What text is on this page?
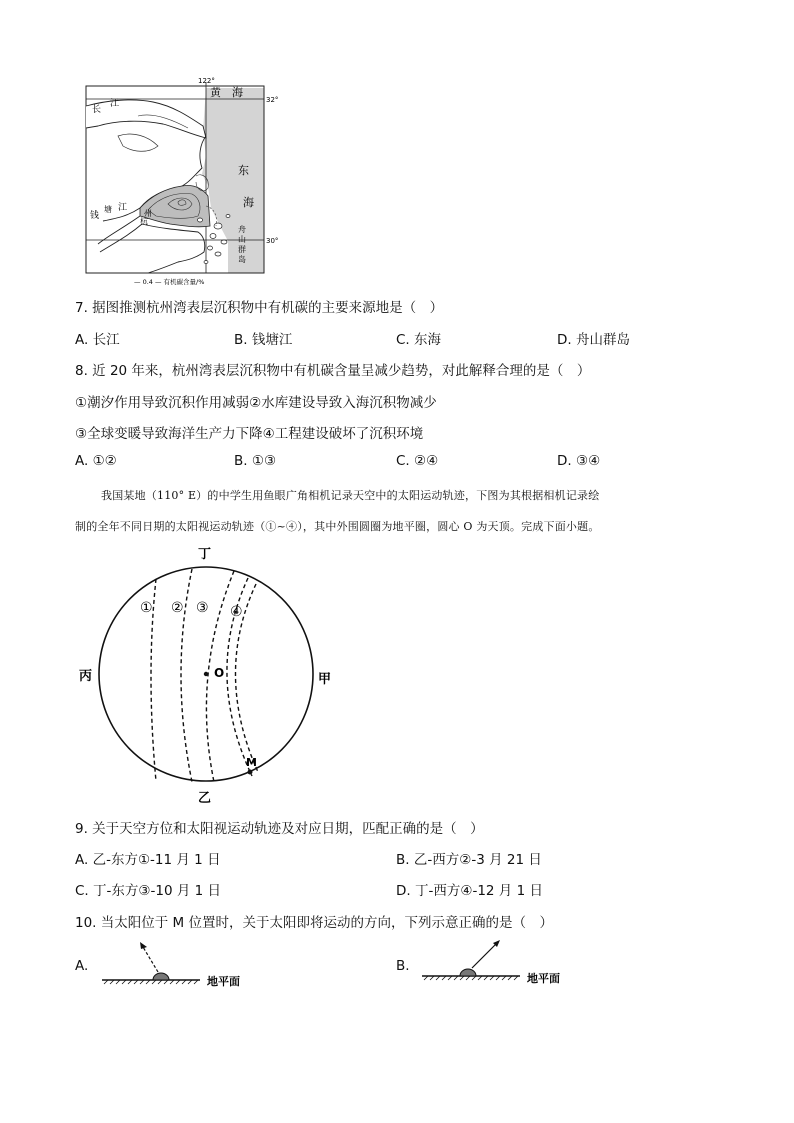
122°
32°
30°
黄　海
东
海
长
江
钱
塘 江
杭
州
舟
山
群
岛
— 0.4 — 有机碳含量/%
7. 据图推测杭州湾表层沉积物中有机碳的主要来源地是（　）
A. 长江	B. 钱塘江	C. 东海	D. 舟山群岛
8. 近 20 年来，杭州湾表层沉积物中有机碳含量呈减少趋势，对此解释合理的是（　）
①潮汐作用导致沉积作用减弱②水库建设导致入海沉积物减少
③全球变暖导致海洋生产力下降④工程建设破坏了沉积环境
A. ①②	B. ①③	C. ②④	D. ③④
我国某地（110° E）的中学生用鱼眼广角相机记录天空中的太阳运动轨迹，下图为其根据相机记录绘
制的全年不同日期的太阳视运动轨迹（①~④），其中外围圆圈为地平圈，圆心 O 为天顶。完成下面小题。
O
M
丁
乙
丙	甲
① ② ③ ④
9. 关于天空方位和太阳视运动轨迹及对应日期，匹配正确的是（　）
A. 乙-东方①-11 月 1 日	B. 乙-西方②-3 月 21 日
C. 丁-东方③-10 月 1 日	D. 丁-西方④-12 月 1 日
10. 当太阳位于 M 位置时，关于太阳即将运动的方向，下列示意正确的是（　）
A.
地平面
B.
地平面
